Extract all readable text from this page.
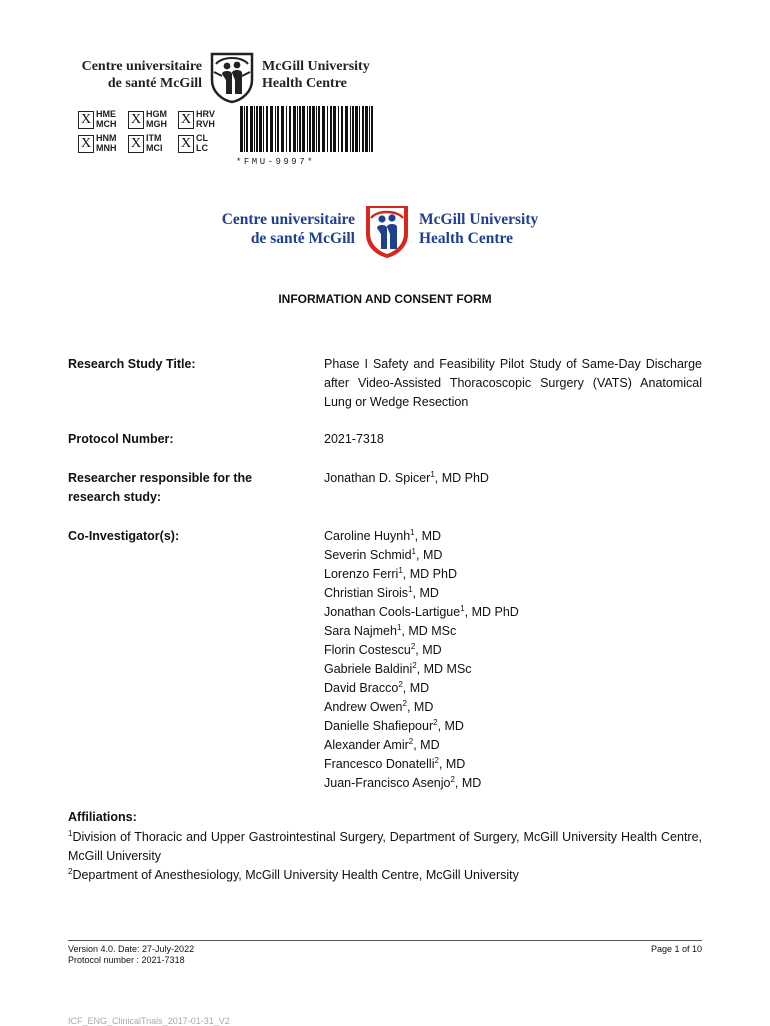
Centre universitaire
de santé McGill
McGill University
Health Centre
X HME
MCH X HGM
MGH X HRV
RVH
X HNM
MNH X ITM
MCI X CL
LC
*FMU-9997*
Centre universitaire
de santé McGill
McGill University
Health Centre
INFORMATION AND CONSENT FORM
Research Study Title:	Phase I Safety and Feasibility Pilot Study of Same-Day Discharge after Video-Assisted Thoracoscopic Surgery (VATS) Anatomical Lung or Wedge Resection
Protocol Number:	2021-7318
Researcher responsible for the research study:
Jonathan D. Spicer$^1$, MD PhD
Co-Investigator(s):	Caroline Huynh$^1$, MD
Severin Schmid$^1$, MD
Lorenzo Ferri$^1$, MD PhD
Christian Sirois$^1$, MD
Jonathan Cools-Lartigue$^1$, MD PhD
Sara Najmeh$^1$, MD MSc
Florin Costescu$^2$, MD
Gabriele Baldini$^2$, MD MSc
David Bracco$^2$, MD
Andrew Owen$^2$, MD
Danielle Shafiepour$^2$, MD
Alexander Amir$^2$, MD
Francesco Donatelli$^2$, MD
Juan-Francisco Asenjo$^2$, MD
Affiliations:
$^1$Division of Thoracic and Upper Gastrointestinal Surgery, Department of Surgery, McGill University Health Centre, McGill University
$^2$Department of Anesthesiology, McGill University Health Centre, McGill University
Version 4.0. Date: 27-July-2022
Protocol number : 2021-7318
Page 1 of 10
ICF_ENG_ClinicalTrials_2017-01-31_V2
